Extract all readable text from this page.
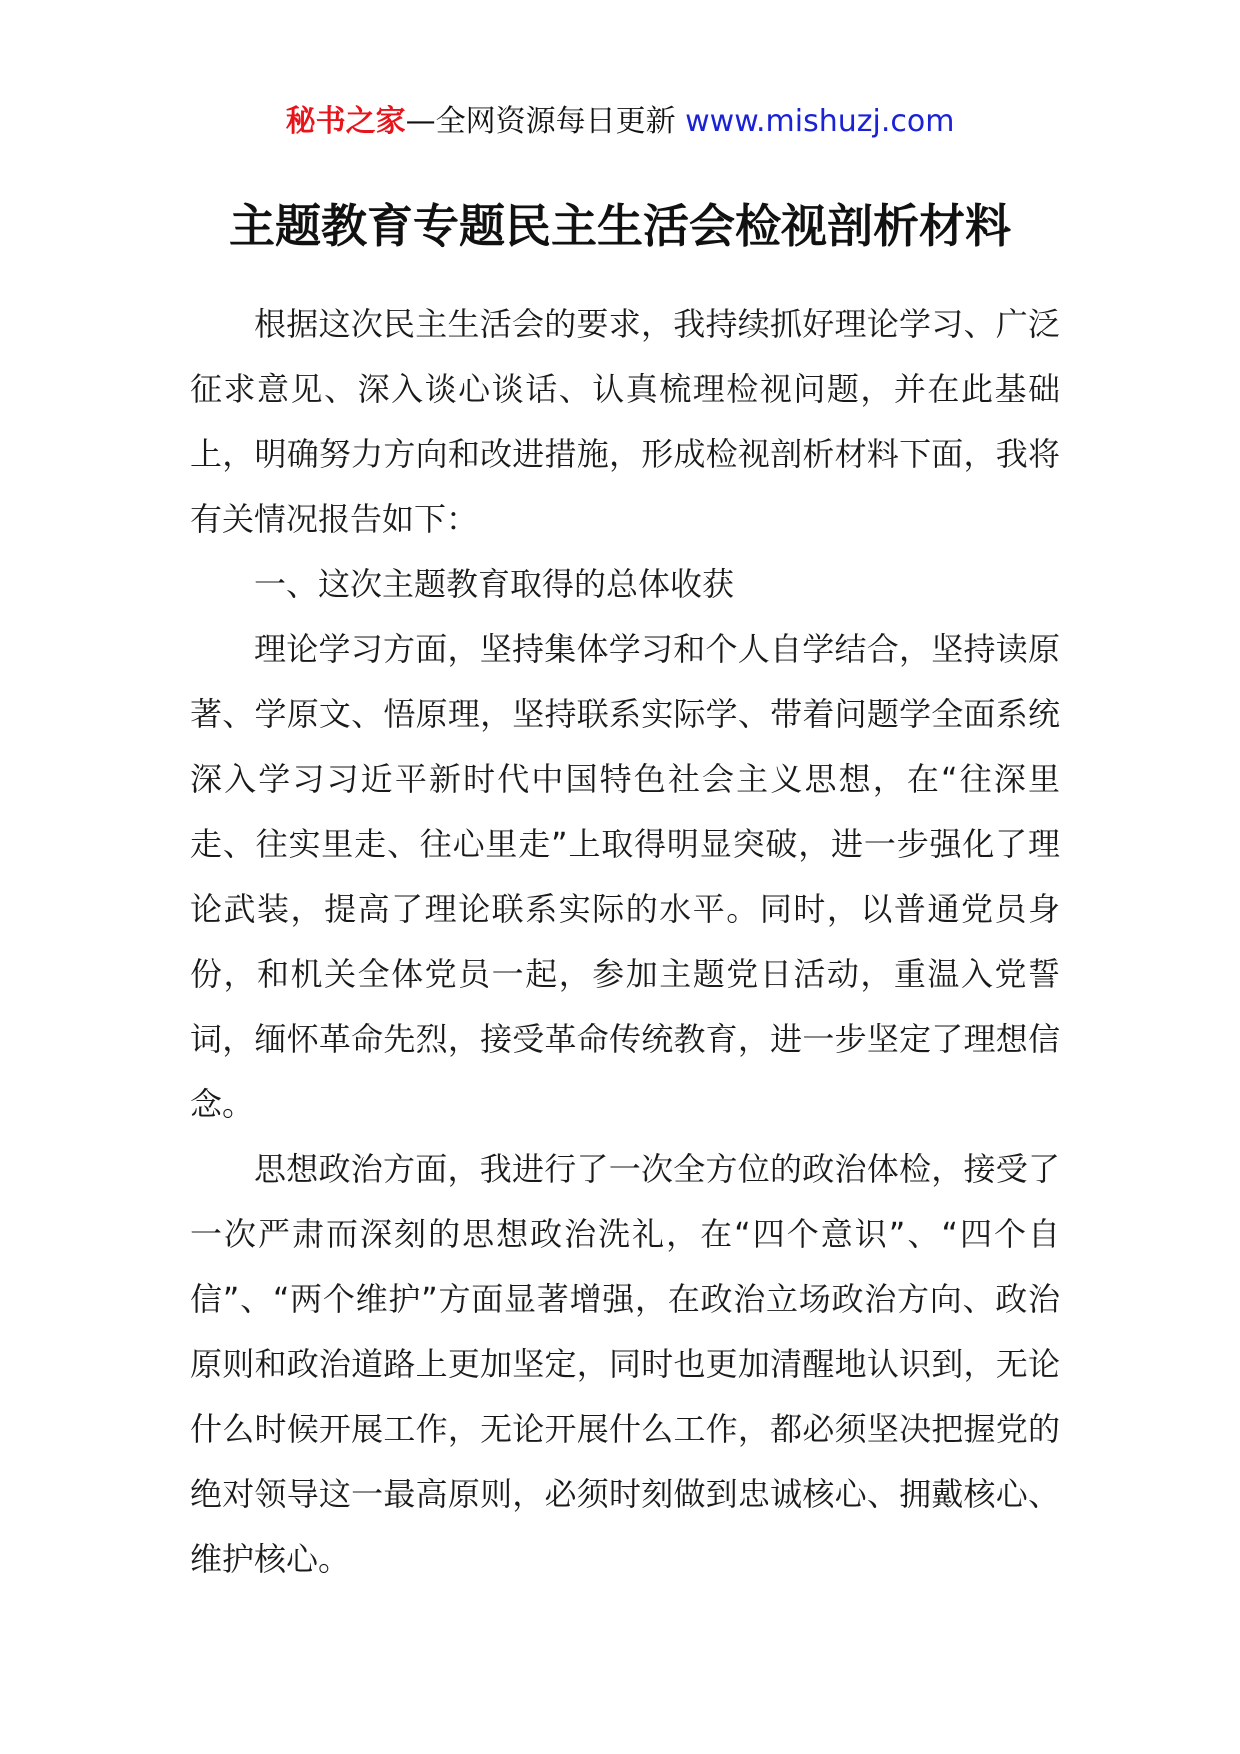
秘书之家—全网资源每日更新 www.mishuzj.com
主题教育专题民主生活会检视剖析材料

根据这次民主生活会的要求，我持续抓好理论学习、广泛征求意见、深入谈心谈话、认真梳理检视问题，并在此基础上，明确努力方向和改进措施，形成检视剖析材料下面，我将有关情况报告如下：

一、这次主题教育取得的总体收获

理论学习方面，坚持集体学习和个人自学结合，坚持读原著、学原文、悟原理，坚持联系实际学、带着问题学全面系统深入学习习近平新时代中国特色社会主义思想，在“往深里走、往实里走、往心里走”上取得明显突破，进一步强化了理论武装，提高了理论联系实际的水平。同时，以普通党员身份，和机关全体党员一起，参加主题党日活动，重温入党誓词，缅怀革命先烈，接受革命传统教育，进一步坚定了理想信念。

思想政治方面，我进行了一次全方位的政治体检，接受了一次严肃而深刻的思想政治洗礼，在“四个意识”、“四个自信”、“两个维护”方面显著增强，在政治立场政治方向、政治原则和政治道路上更加坚定，同时也更加清醒地认识到，无论什么时候开展工作，无论开展什么工作，都必须坚决把握党的绝对领导这一最高原则，必须时刻做到忠诚核心、拥戴核心、维护核心。
